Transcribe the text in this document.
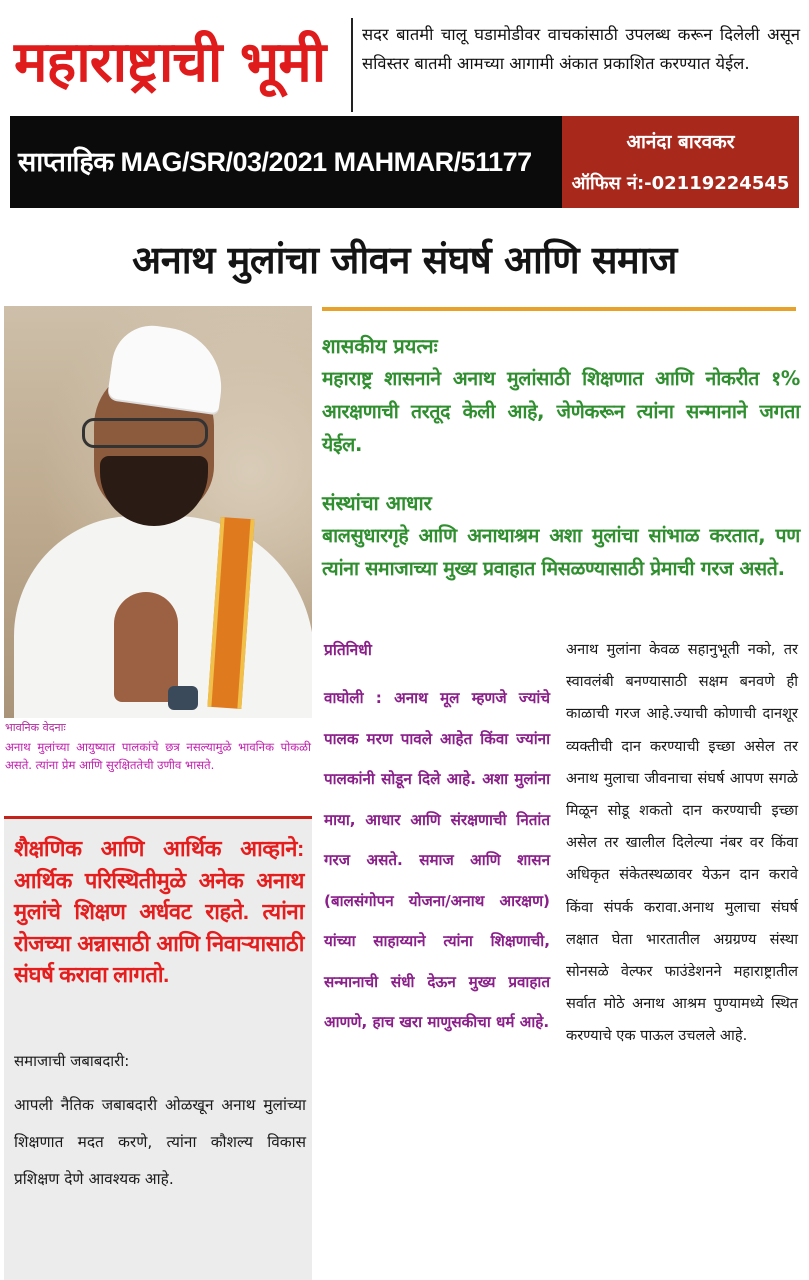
महाराष्ट्राची भूमी	सदर बातमी चालू घडामोडीवर वाचकांसाठी उपलब्ध करून दिलेली असून सविस्तर बातमी आमच्या आगामी अंकात प्रकाशित करण्यात येईल.
साप्ताहिक MAG/SR/03/2021 MAHMAR/51177
आनंदा बारवकर
ऑफिस नं:-02119224545
अनाथ मुलांचा जीवन संघर्ष आणि समाज
भावनिक वेदनाः
अनाथ मुलांच्या आयुष्यात पालकांचे छत्र नसल्यामुळे भावनिक पोकळी असते. त्यांना प्रेम आणि सुरक्षिततेची उणीव भासते.
शैक्षणिक आणि आर्थिक आव्हाने: आर्थिक परिस्थितीमुळे अनेक अनाथ मुलांचे शिक्षण अर्धवट राहते. त्यांना रोजच्या अन्नासाठी आणि निवाऱ्यासाठी संघर्ष करावा लागतो.
समाजाची जबाबदारी:
आपली नैतिक जबाबदारी ओळखून अनाथ मुलांच्या शिक्षणात मदत करणे, त्यांना कौशल्य विकास प्रशिक्षण देणे आवश्यक आहे.
शासकीय प्रयत्नः
महाराष्ट्र शासनाने अनाथ मुलांसाठी शिक्षणात आणि नोकरीत १% आरक्षणाची तरतूद केली आहे, जेणेकरून त्यांना सन्मानाने जगता येईल.
संस्थांचा आधार
बालसुधारगृहे आणि अनाथाश्रम अशा मुलांचा सांभाळ करतात, पण त्यांना समाजाच्या मुख्य प्रवाहात मिसळण्यासाठी प्रेमाची गरज असते.
प्रतिनिधी
वाघोली : अनाथ मूल म्हणजे ज्यांचे पालक मरण पावले आहेत किंवा ज्यांना पालकांनी सोडून दिले आहे. अशा मुलांना माया, आधार आणि संरक्षणाची नितांत गरज असते. समाज आणि शासन (बालसंगोपन योजना/अनाथ आरक्षण) यांच्या साहाय्याने त्यांना शिक्षणाची, सन्मानाची संधी देऊन मुख्य प्रवाहात आणणे, हाच खरा माणुसकीचा धर्म आहे.
अनाथ मुलांना केवळ सहानुभूती नको, तर स्वावलंबी बनण्यासाठी सक्षम बनवणे ही काळाची गरज आहे.ज्याची कोणाची दानशूर व्यक्तीची दान करण्याची इच्छा असेल तर अनाथ मुलाचा जीवनाचा संघर्ष आपण सगळे मिळून सोडू शकतो दान करण्याची इच्छा असेल तर खालील दिलेल्या नंबर वर किंवा अधिकृत संकेतस्थळावर येऊन दान करावे किंवा संपर्क करावा.अनाथ मुलाचा संघर्ष लक्षात घेता भारतातील अग्रग्रण्य संस्था सोनसळे वेल्फर फाउंडेशनने महाराष्ट्रातील सर्वात मोठे अनाथ आश्रम पुण्यामध्ये स्थित करण्याचे एक पाऊल उचलले आहे.
